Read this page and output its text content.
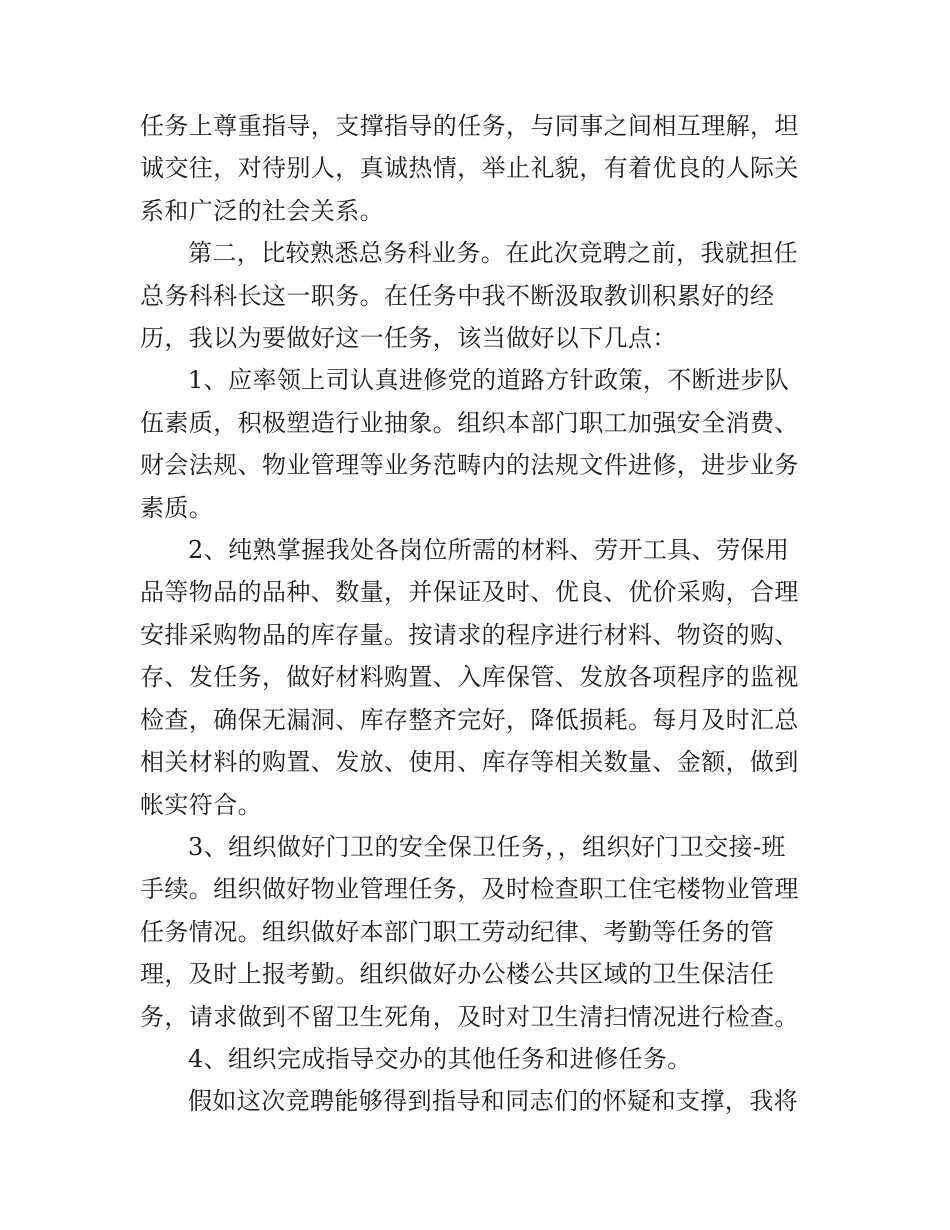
任务上尊重指导，支撑指导的任务，与同事之间相互理解，坦
诚交往，对待别人，真诚热情，举止礼貌，有着优良的人际关
系和广泛的社会关系。

第二，比较熟悉总务科业务。在此次竞聘之前，我就担任
总务科科长这一职务。在任务中我不断汲取教训积累好的经
历，我以为要做好这一任务，该当做好以下几点：

1、应率领上司认真进修党的道路方针政策，不断进步队
伍素质，积极塑造行业抽象。组织本部门职工加强安全消费、
财会法规、物业管理等业务范畴内的法规文件进修，进步业务
素质。

2、纯熟掌握我处各岗位所需的材料、劳开工具、劳保用
品等物品的品种、数量，并保证及时、优良、优价采购，合理
安排采购物品的库存量。按请求的程序进行材料、物资的购、
存、发任务，做好材料购置、入库保管、发放各项程序的监视
检查，确保无漏洞、库存整齐完好，降低损耗。每月及时汇总
相关材料的购置、发放、使用、库存等相关数量、金额，做到
帐实符合。

3、组织做好门卫的安全保卫任务，，组织好门卫交接-班
手续。组织做好物业管理任务，及时检查职工住宅楼物业管理
任务情况。组织做好本部门职工劳动纪律、考勤等任务的管
理，及时上报考勤。组织做好办公楼公共区域的卫生保洁任
务，请求做到不留卫生死角，及时对卫生清扫情况进行检查。

4、组织完成指导交办的其他任务和进修任务。

假如这次竞聘能够得到指导和同志们的怀疑和支撑，我将
